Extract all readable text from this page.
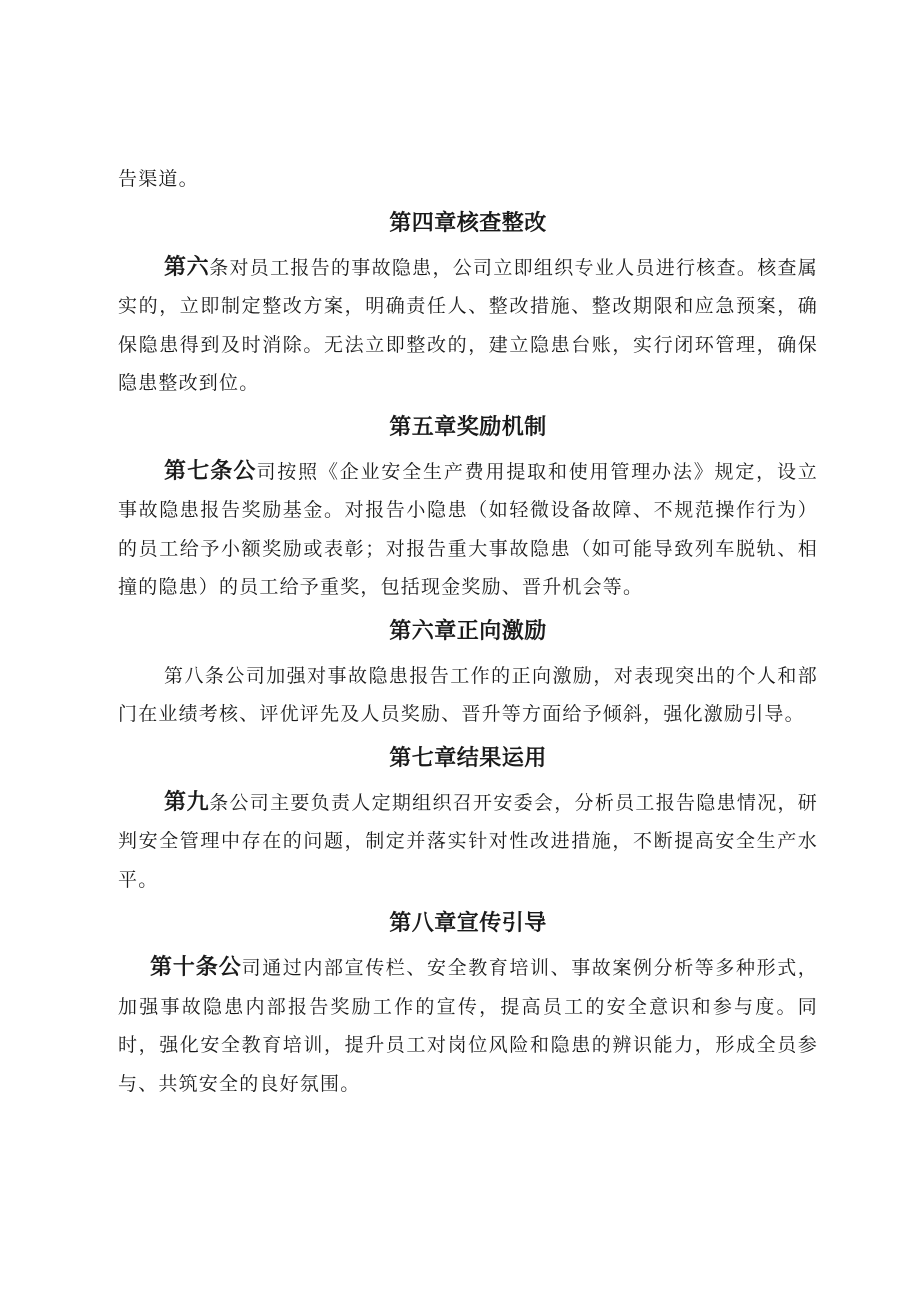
告渠道。

第四章核查整改

第六条对员工报告的事故隐患，公司立即组织专业人员进行核查。核查属实的，立即制定整改方案，明确责任人、整改措施、整改期限和应急预案，确保隐患得到及时消除。无法立即整改的，建立隐患台账，实行闭环管理，确保隐患整改到位。

第五章奖励机制

第七条公司按照《企业安全生产费用提取和使用管理办法》规定，设立事故隐患报告奖励基金。对报告小隐患（如轻微设备故障、不规范操作行为）的员工给予小额奖励或表彰；对报告重大事故隐患（如可能导致列车脱轨、相撞的隐患）的员工给予重奖，包括现金奖励、晋升机会等。

第六章正向激励

第八条公司加强对事故隐患报告工作的正向激励，对表现突出的个人和部门在业绩考核、评优评先及人员奖励、晋升等方面给予倾斜，强化激励引导。

第七章结果运用

第九条公司主要负责人定期组织召开安委会，分析员工报告隐患情况，研判安全管理中存在的问题，制定并落实针对性改进措施，不断提高安全生产水平。

第八章宣传引导

第十条公司通过内部宣传栏、安全教育培训、事故案例分析等多种形式，加强事故隐患内部报告奖励工作的宣传，提高员工的安全意识和参与度。同时，强化安全教育培训，提升员工对岗位风险和隐患的辨识能力，形成全员参与、共筑安全的良好氛围。
